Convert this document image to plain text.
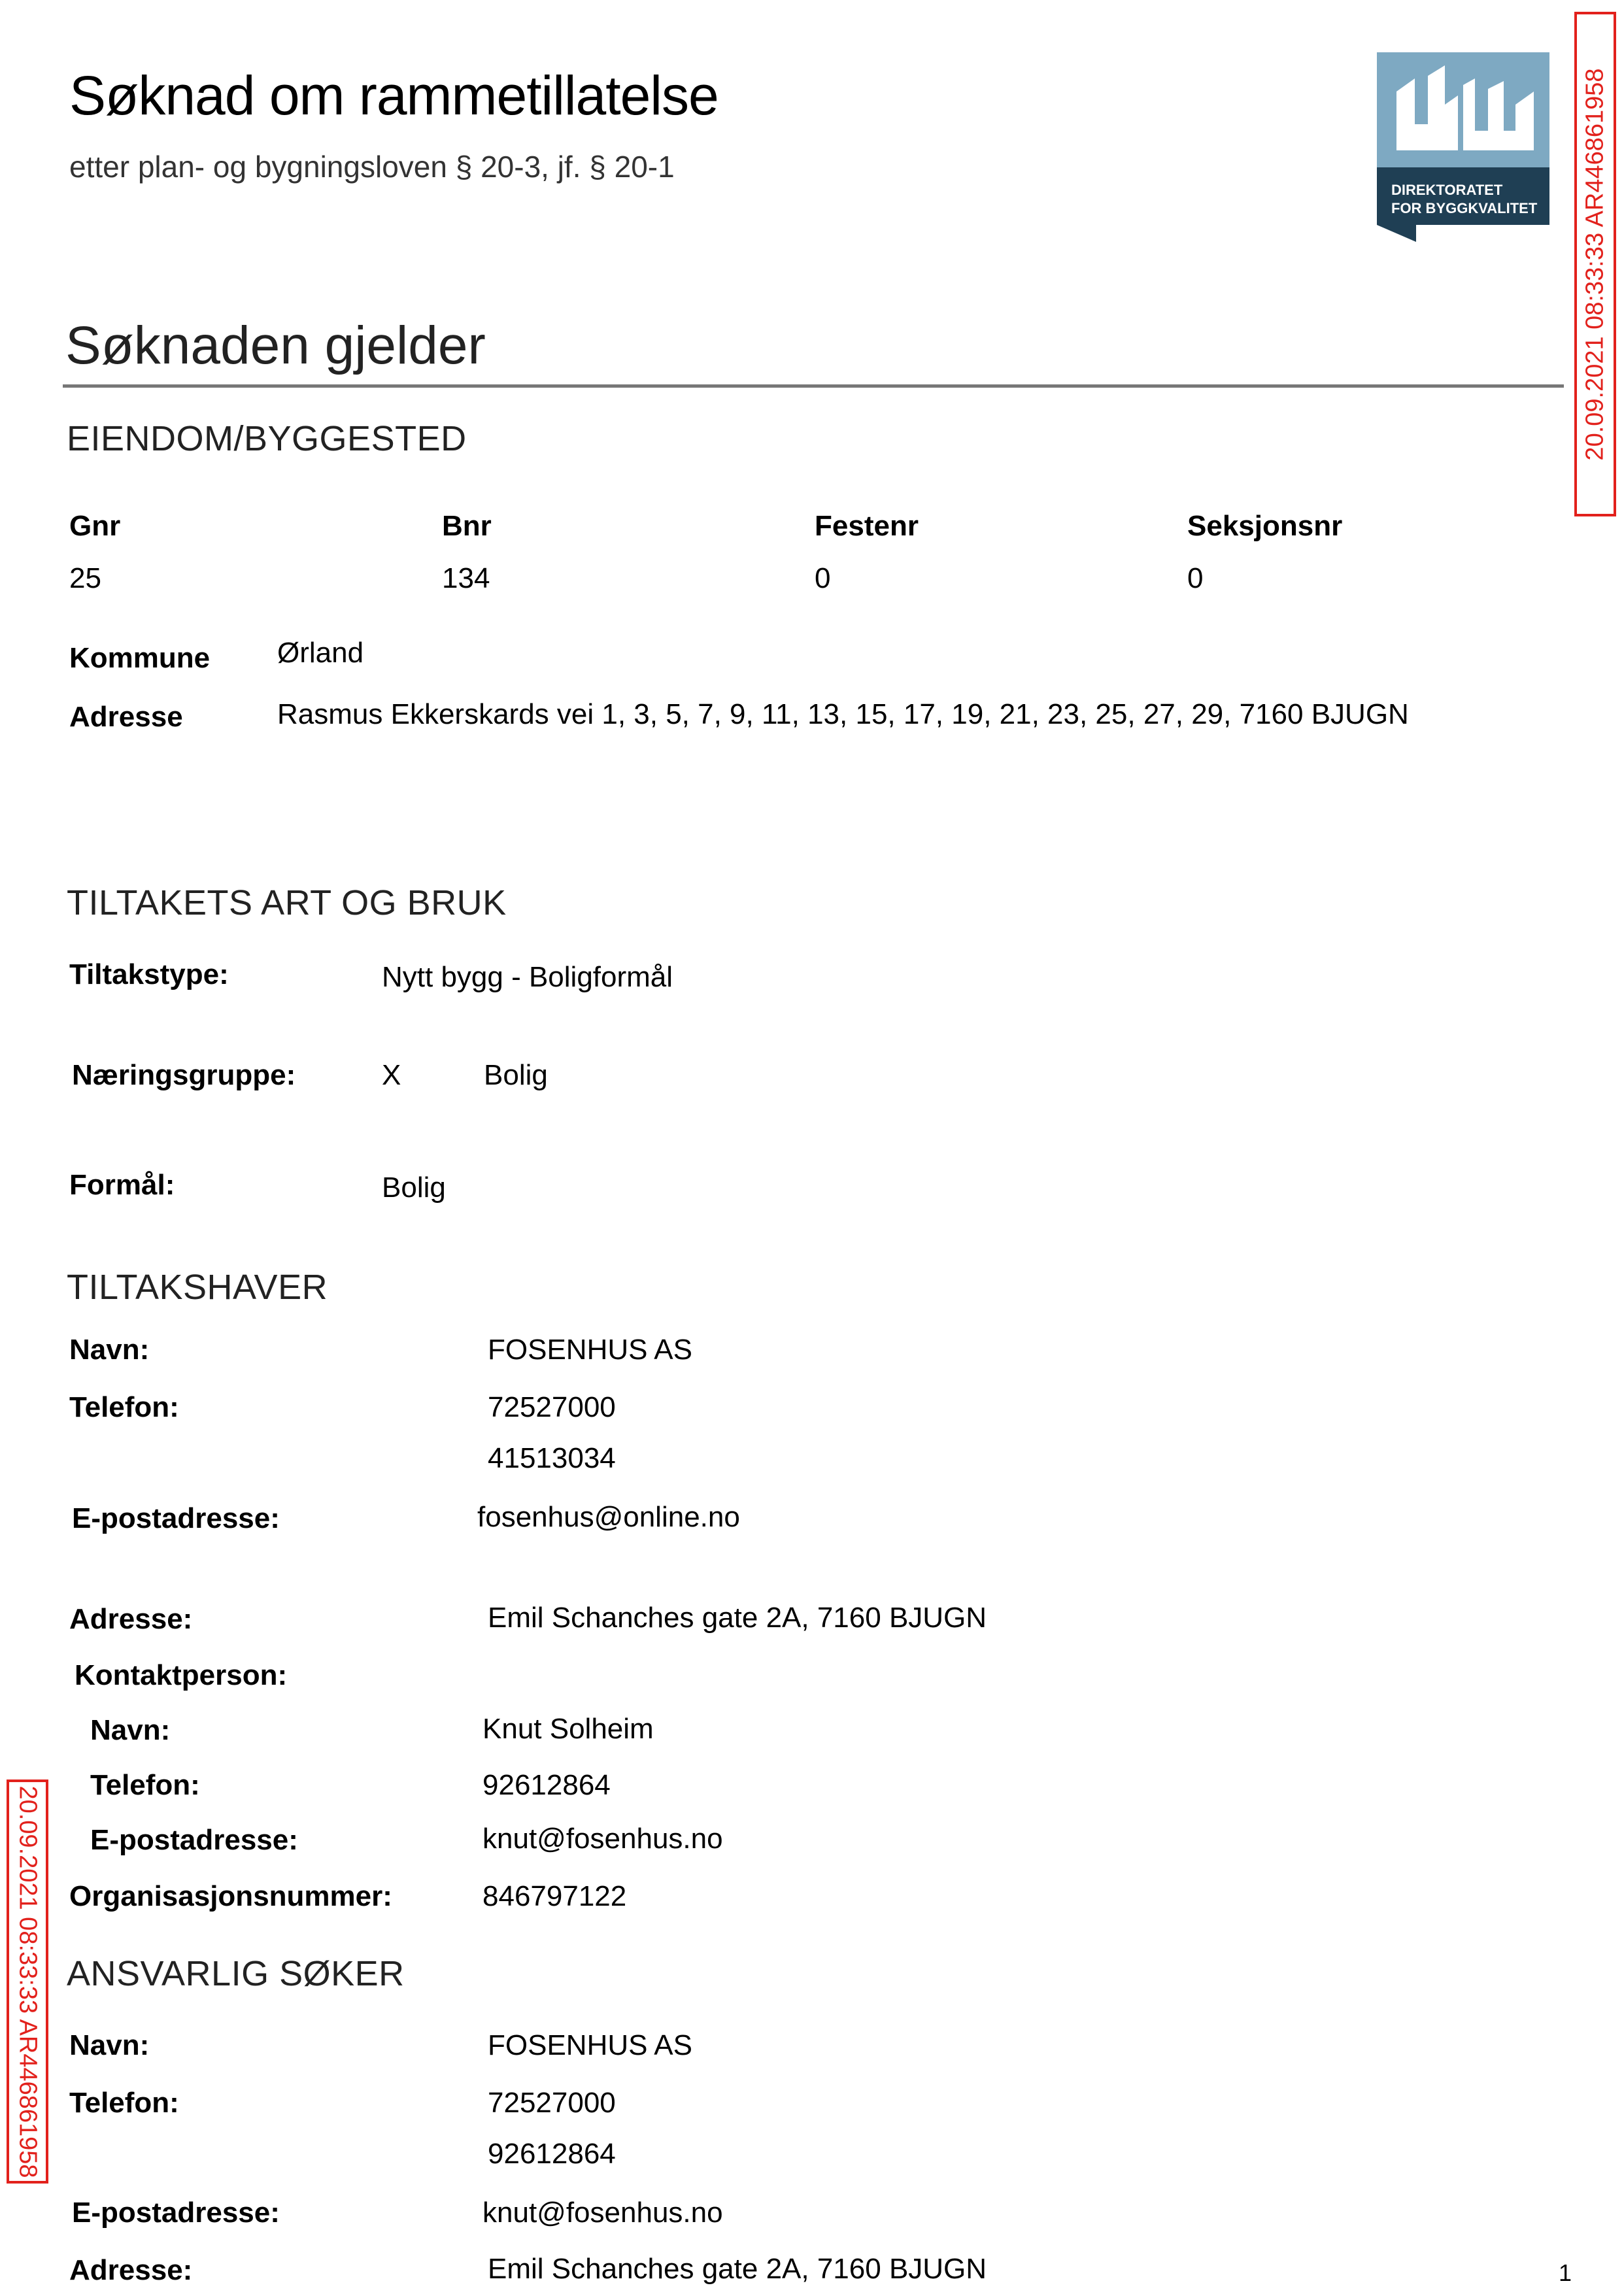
Søknad om rammetillatelse
etter plan- og bygningsloven § 20-3, jf. § 20-1
DIREKTORATET
FOR BYGGKVALITET 20.09.2021 08:33:33 AR446861958
20.09.2021 08:33:33 AR446861958
Søknaden gjelder
EIENDOM/BYGGESTED
Gnr	Bnr	Festenr	Seksjonsnr
25	134	0	0
Kommune Ørland
Adresse	Rasmus Ekkerskards vei 1, 3, 5, 7, 9, 11, 13, 15, 17, 19, 21, 23, 25, 27, 29, 7160 BJUGN
TILTAKETS ART OG BRUK
Tiltakstype:	Nytt bygg - Boligformål
Næringsgruppe:	X	Bolig
Formål:	Bolig
TILTAKSHAVER
Navn:	FOSENHUS AS
Telefon:	72527000
41513034
E-postadresse:	fosenhus@online.no
Adresse:	Emil Schanches gate 2A, 7160 BJUGN
Kontaktperson:
Navn:	Knut Solheim
Telefon:	92612864
E-postadresse:	knut@fosenhus.no
Organisasjonsnummer:	846797122
ANSVARLIG SØKER
Navn:	FOSENHUS AS
Telefon:	72527000
92612864
E-postadresse:	knut@fosenhus.no
Adresse:	Emil Schanches gate 2A, 7160 BJUGN	1
